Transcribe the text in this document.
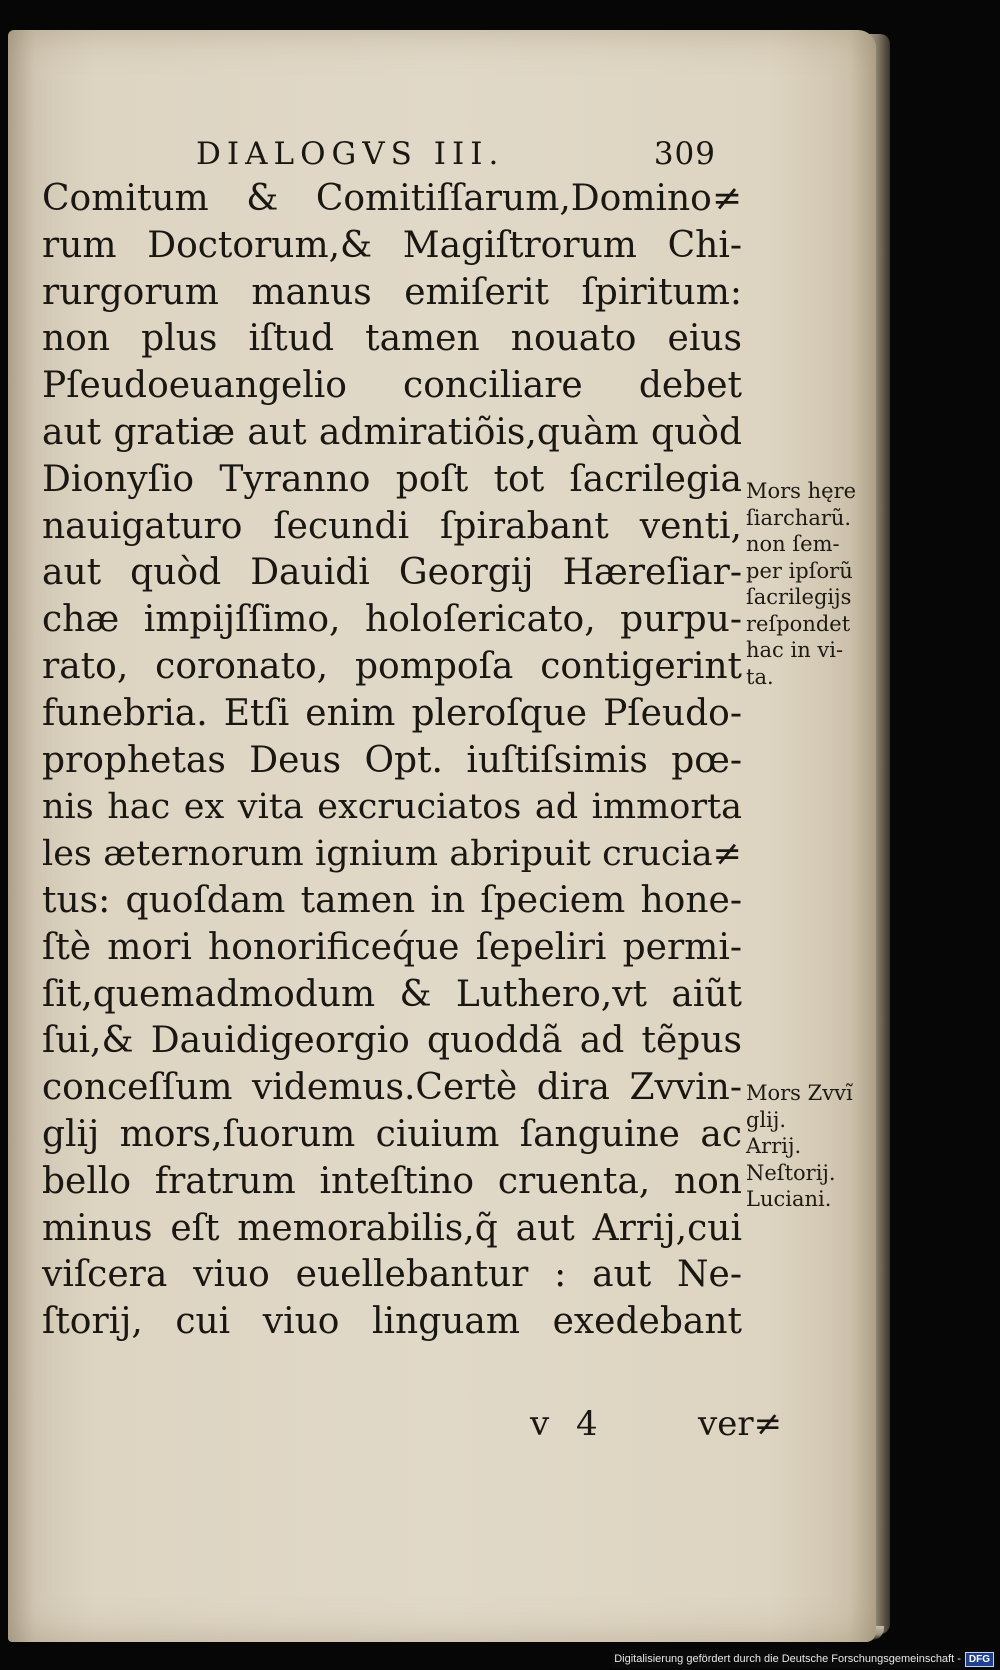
DIALOGVS III.	309
Comitum & Comitiſſarum,Domino≠
rum Doctorum,& Magiſtrorum Chi-
rurgorum manus emiſerit ſpiritum:
non plus iſtud tamen nouato eius
Pſeudoeuangelio conciliare debet
aut gratiæ aut admiratiõis,quàm quòd
Dionyſio Tyranno poſt tot ſacrilegia
nauigaturo ſecundi ſpirabant venti,
aut quòd Dauidi Georgij Hæreſiar-
chæ impijſſimo, holoſericato, purpu-
rato, coronato, pompoſa contigerint
funebria. Etſi enim pleroſque Pſeudo-
prophetas Deus Opt. iuſtiſsimis pœ-
nis hac ex vita excruciatos ad immorta
les æternorum ignium abripuit crucia≠
tus: quoſdam tamen in ſpeciem hone-
ſtè mori honorificeq́ue ſepeliri permi-
ſit,quemadmodum & Luthero,vt aiũt
ſui,& Dauidigeorgio quoddã ad tẽpus
conceſſum videmus.Certè dira Zvvin-
glij mors,ſuorum ciuium ſanguine ac
bello fratrum inteſtino cruenta, non
minus eſt memorabilis,q̃ aut Arrij,cui
viſcera viuo euellebantur : aut Ne-
ſtorij, cui viuo linguam exedebant
Mors hęre
ſiarcharũ.
non ſem-
per ipſorũ
ſacrilegijs
reſpondet
hac in vi-
ta.
Mors Zvvĩ
glij.
Arrij.
Neſtorij.
Luciani.
v 4	ver≠
Digitalisierung gefördert durch die Deutsche Forschungsgemeinschaft - DFG
